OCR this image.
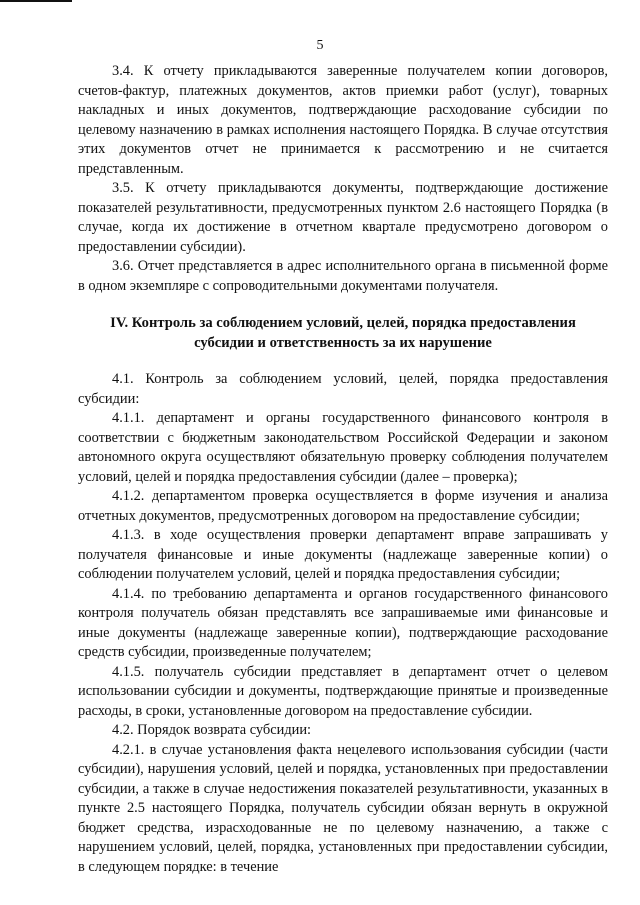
5

3.4. К отчету прикладываются заверенные получателем копии договоров, счетов-фактур, платежных документов, актов приемки работ (услуг), товарных накладных и иных документов, подтверждающие расходование субсидии по целевому назначению в рамках исполнения настоящего Порядка. В случае отсутствия этих документов отчет не принимается к рассмотрению и не считается представленным.

3.5. К отчету прикладываются документы, подтверждающие достижение показателей результативности, предусмотренных пунктом 2.6 настоящего Порядка (в случае, когда их достижение в отчетном квартале предусмотрено договором о предоставлении субсидии).

3.6. Отчет представляется в адрес исполнительного органа в письменной форме в одном экземпляре с сопроводительными документами получателя.

IV. Контроль за соблюдением условий, целей, порядка предоставления
субсидии и ответственность за их нарушение

4.1. Контроль за соблюдением условий, целей, порядка предоставления субсидии:

4.1.1. департамент и органы государственного финансового контроля в соответствии с бюджетным законодательством Российской Федерации и законом автономного округа осуществляют обязательную проверку соблюдения получателем условий, целей и порядка предоставления субсидии (далее – проверка);

4.1.2. департаментом проверка осуществляется в форме изучения и анализа отчетных документов, предусмотренных договором на предоставление субсидии;

4.1.3. в ходе осуществления проверки департамент вправе запрашивать у получателя финансовые и иные документы (надлежаще заверенные копии) о соблюдении получателем условий, целей и порядка предоставления субсидии;

4.1.4. по требованию департамента и органов государственного финансового контроля получатель обязан представлять все запрашиваемые ими финансовые и иные документы (надлежаще заверенные копии), подтверждающие расходование средств субсидии, произведенные получателем;

4.1.5. получатель субсидии представляет в департамент отчет о целевом использовании субсидии и документы, подтверждающие принятые и произведенные расходы, в сроки, установленные договором на предоставление субсидии.

4.2. Порядок возврата субсидии:

4.2.1. в случае установления факта нецелевого использования субсидии (части субсидии), нарушения условий, целей и порядка, установленных при предоставлении субсидии, а также в случае недостижения показателей результативности, указанных в пункте 2.5 настоящего Порядка, получатель субсидии обязан вернуть в окружной бюджет средства, израсходованные не по целевому назначению, а также с нарушением условий, целей, порядка, установленных при предоставлении субсидии, в следующем порядке: в течение
